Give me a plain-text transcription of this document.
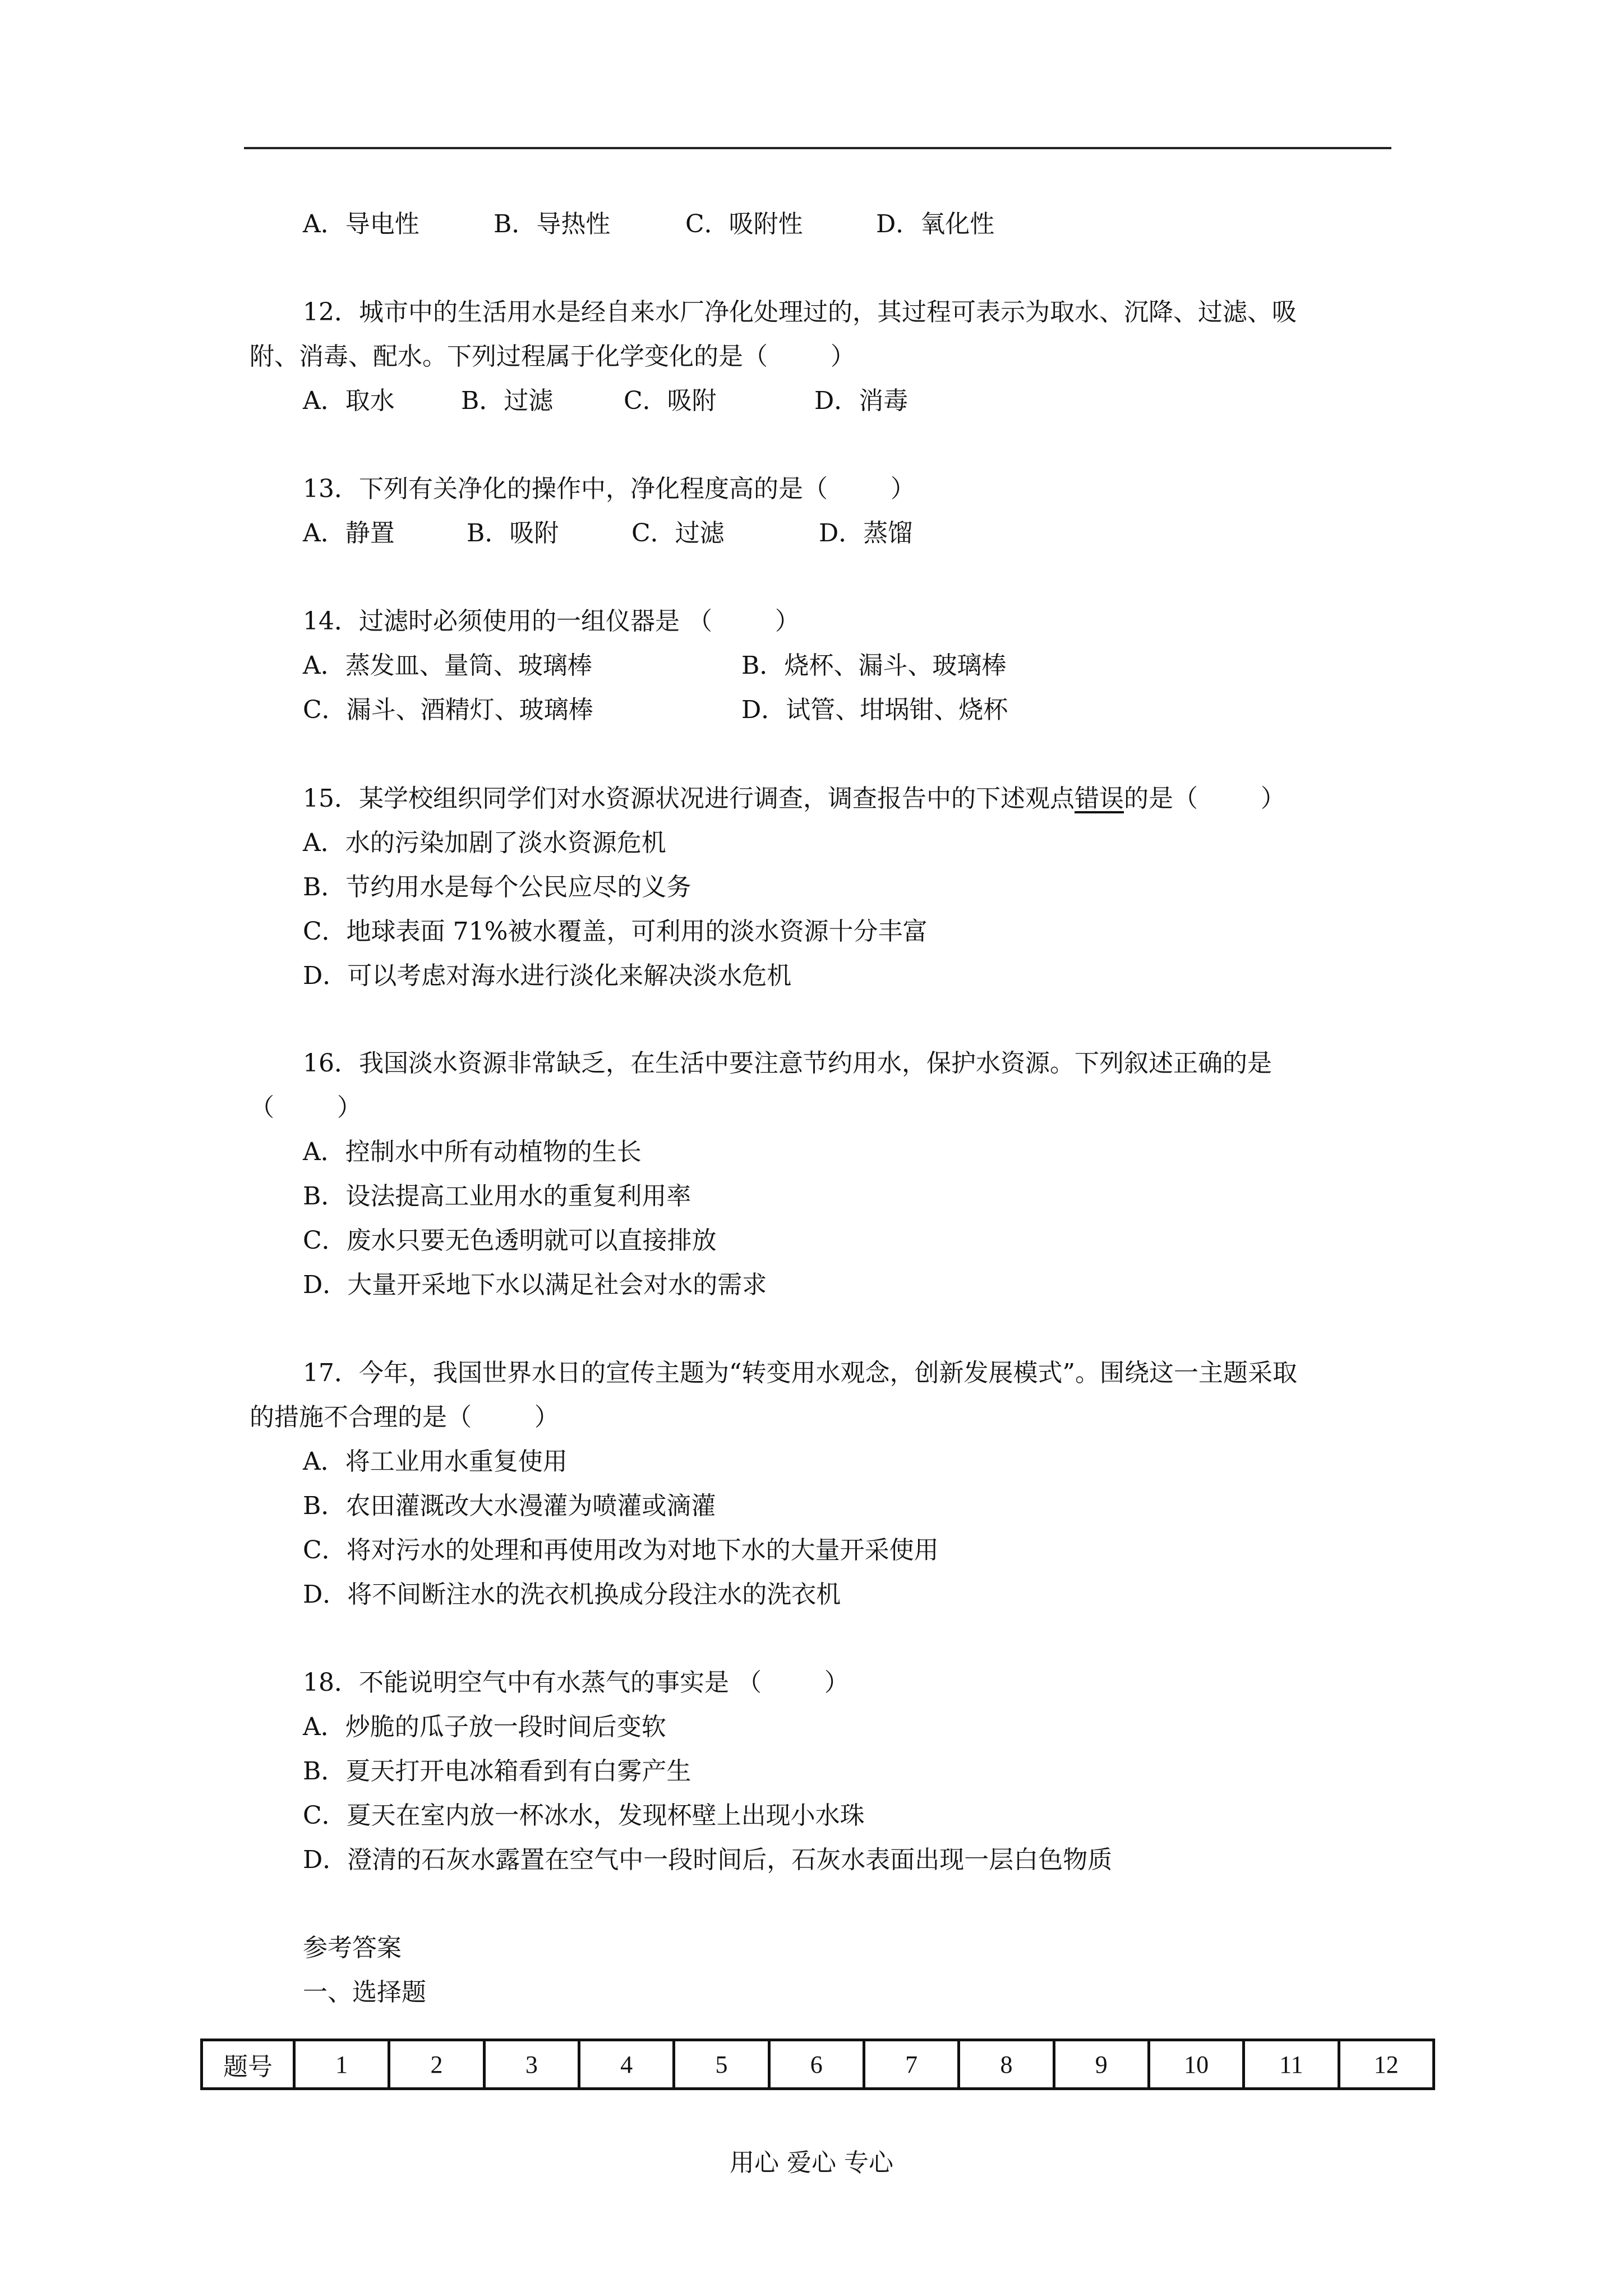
A．导电性	B．导热性	C．吸附性	D．氧化性
12．城市中的生活用水是经自来水厂净化处理过的，其过程可表示为取水、沉降、过滤、吸
附、消毒、配水。下列过程属于化学变化的是（        ）
A．取水	B．过滤	C．吸附	D．消毒
13．下列有关净化的操作中，净化程度高的是（        ）
A．静置	B．吸附	C．过滤	D．蒸馏
14．过滤时必须使用的一组仪器是 （        ）
A．蒸发皿、量筒、玻璃棒	B．烧杯、漏斗、玻璃棒
C．漏斗、酒精灯、玻璃棒	D．试管、坩埚钳、烧杯
15．某学校组织同学们对水资源状况进行调查，调查报告中的下述观点错误的是（        ）
A．水的污染加剧了淡水资源危机
B．节约用水是每个公民应尽的义务
C．地球表面 71%被水覆盖，可利用的淡水资源十分丰富
D．可以考虑对海水进行淡化来解决淡水危机
16．我国淡水资源非常缺乏，在生活中要注意节约用水，保护水资源。下列叙述正确的是
（        ）
A．控制水中所有动植物的生长
B．设法提高工业用水的重复利用率
C．废水只要无色透明就可以直接排放
D．大量开采地下水以满足社会对水的需求
17．今年，我国世界水日的宣传主题为“转变用水观念，创新发展模式”。围绕这一主题采取
的措施不合理的是（        ）
A．将工业用水重复使用
B．农田灌溉改大水漫灌为喷灌或滴灌
C．将对污水的处理和再使用改为对地下水的大量开采使用
D．将不间断注水的洗衣机换成分段注水的洗衣机
18．不能说明空气中有水蒸气的事实是 （        ）
A．炒脆的瓜子放一段时间后变软
B．夏天打开电冰箱看到有白雾产生
C．夏天在室内放一杯冰水，发现杯壁上出现小水珠
D．澄清的石灰水露置在空气中一段时间后，石灰水表面出现一层白色物质
参考答案
一、选择题
题号	1	2	3	4	5	6	7	8	9	10	11	12
用心 爱心 专心
